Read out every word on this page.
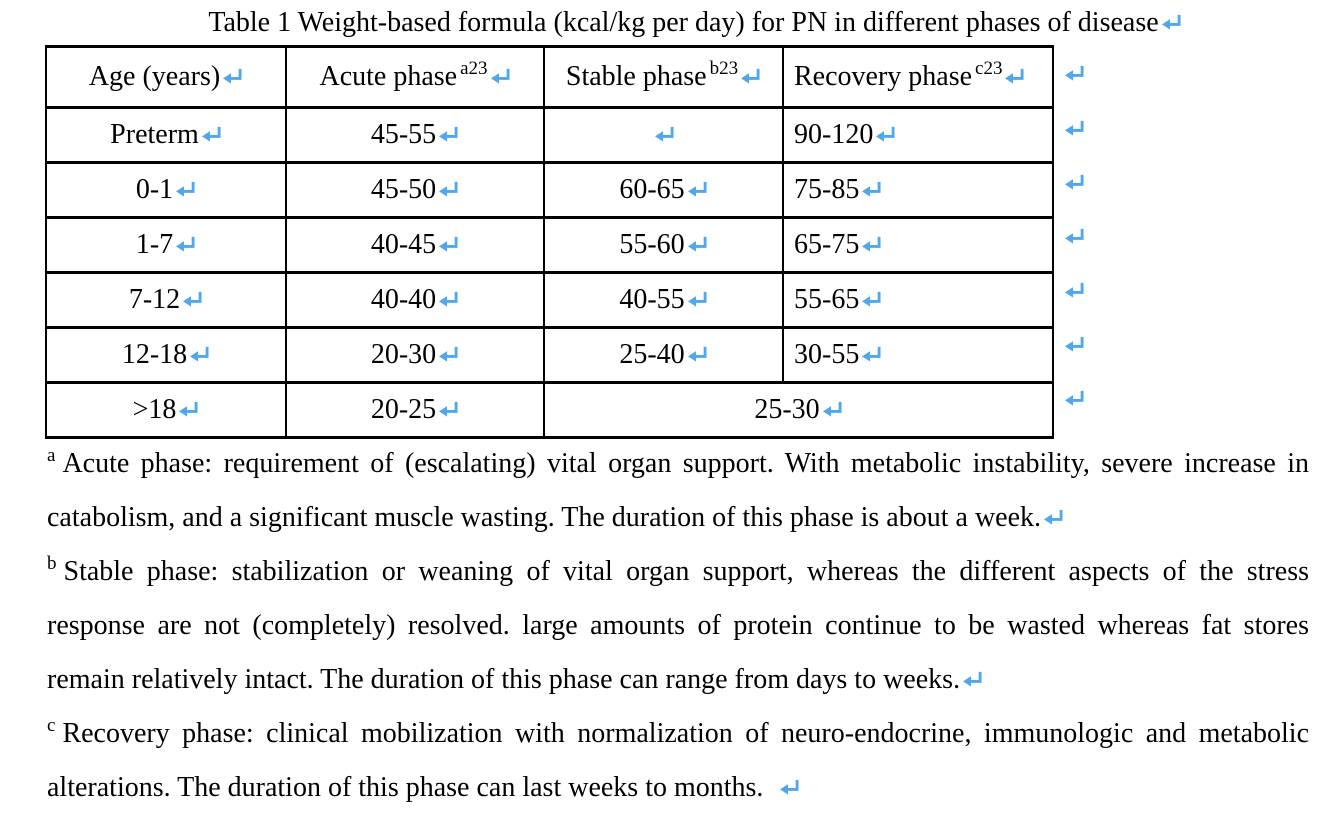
Table 1 Weight-based formula (kcal/kg per day) for PN in different phases of disease
Age (years)	Acute phase $^{a23}$	Stable phase $^{b23}$	Recovery phase $^{c23}$

Preterm	45-55		90-120

0-1	45-50	60-65	75-85

1-7	40-45	55-60	65-75

7-12	40-40	40-55	55-65

12-18	20-30	25-40	30-55

>18	20-25	25-30	

$^a$ Acute phase: requirement of (escalating) vital organ support. With metabolic instability, severe increase in catabolism, and a significant muscle wasting. The duration of this phase is about a week.

$^b$ Stable phase: stabilization or weaning of vital organ support, whereas the different aspects of the stress response are not (completely) resolved. large amounts of protein continue to be wasted whereas fat stores remain relatively intact. The duration of this phase can range from days to weeks.

$^c$ Recovery phase: clinical mobilization with normalization of neuro-endocrine, immunologic and metabolic alterations. The duration of this phase can last weeks to months.
